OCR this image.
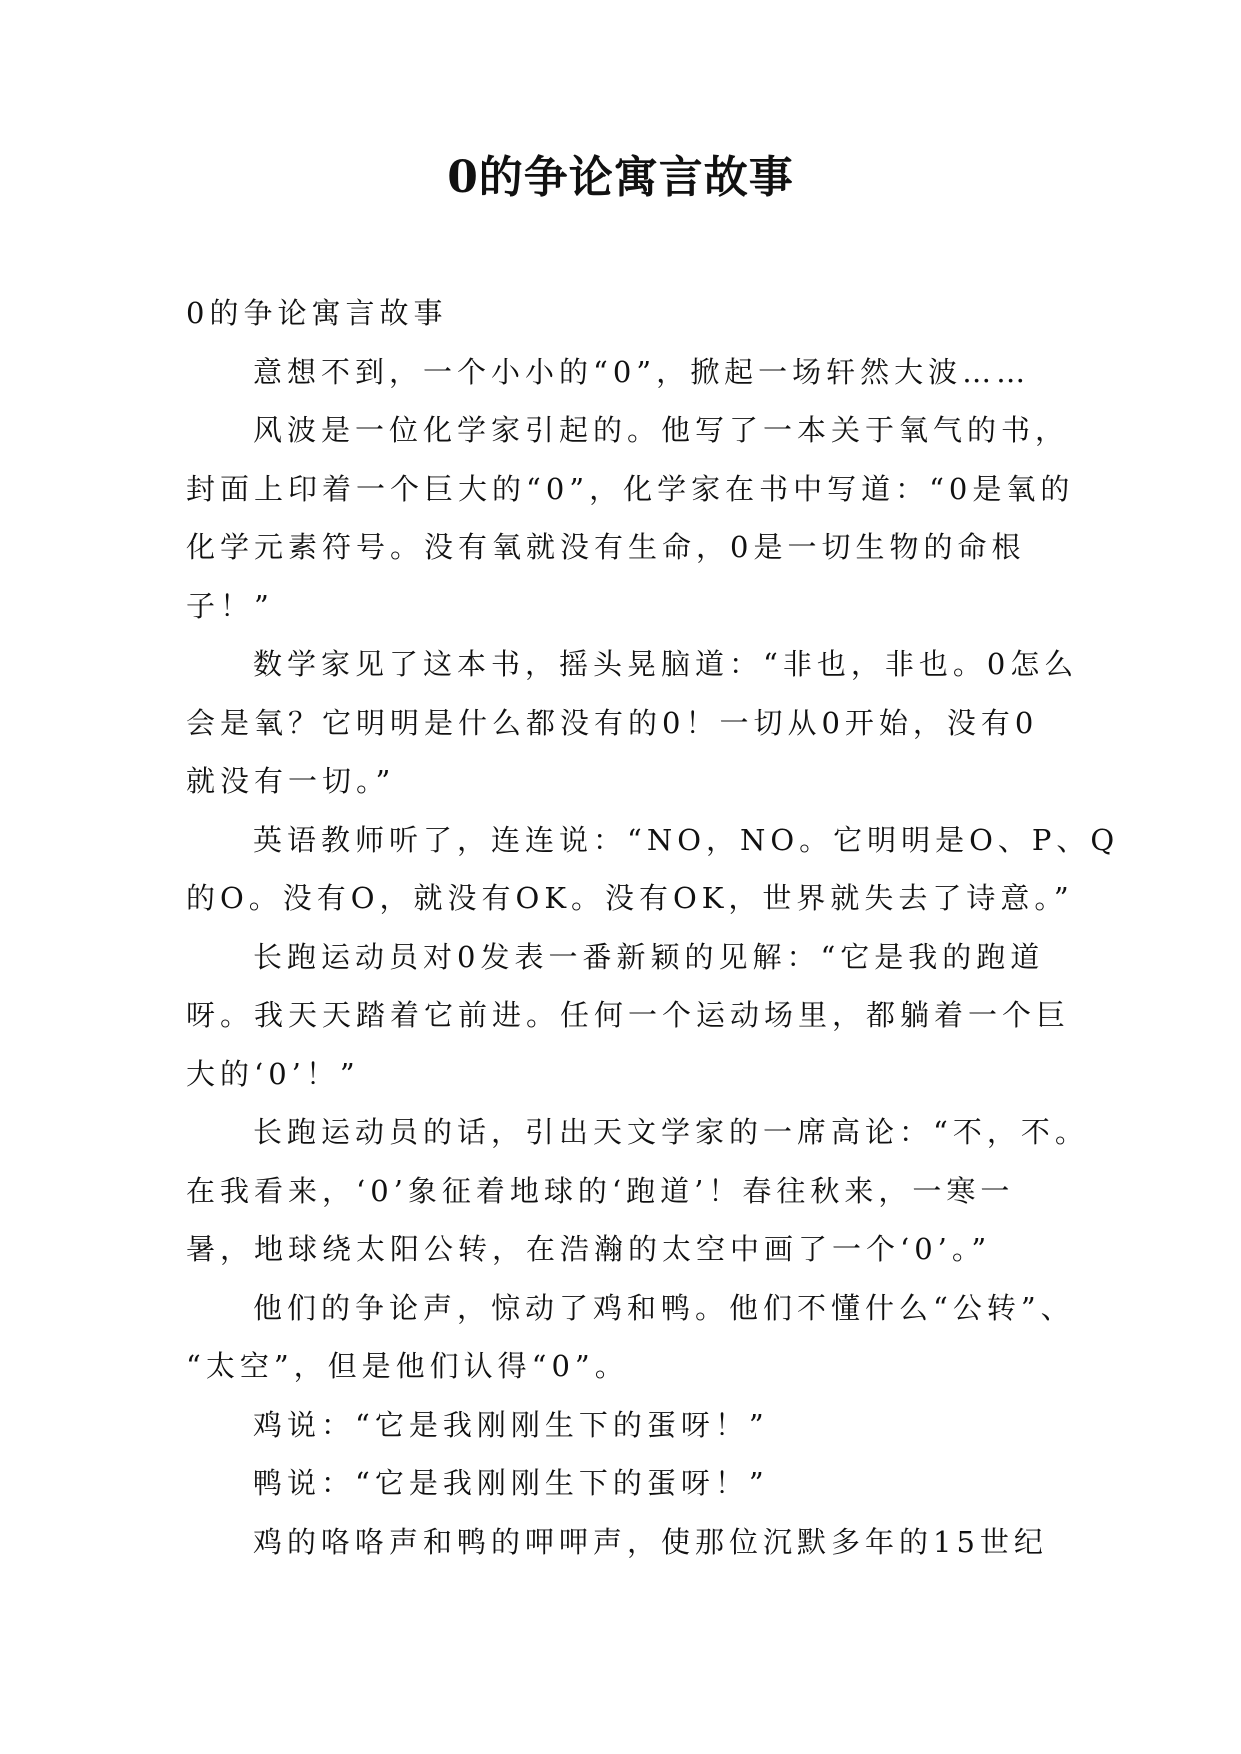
0的争论寓言故事
0的争论寓言故事
意想不到，一个小小的“0”，掀起一场轩然大波……
风波是一位化学家引起的。他写了一本关于氧气的书，
封面上印着一个巨大的“0”，化学家在书中写道：“0是氧的
化学元素符号。没有氧就没有生命，0是一切生物的命根
子！”
数学家见了这本书，摇头晃脑道：“非也，非也。0怎么
会是氧？它明明是什么都没有的0！一切从0开始，没有0
就没有一切。”
英语教师听了，连连说：“NO，NO。它明明是O、P、Q
的O。没有O，就没有OK。没有OK，世界就失去了诗意。”
长跑运动员对0发表一番新颖的见解：“它是我的跑道
呀。我天天踏着它前进。任何一个运动场里，都躺着一个巨
大的‘0’！”
长跑运动员的话，引出天文学家的一席高论：“不，不。
在我看来，‘0’象征着地球的‘跑道’！春往秋来，一寒一
暑，地球绕太阳公转，在浩瀚的太空中画了一个‘0’。”
他们的争论声，惊动了鸡和鸭。他们不懂什么“公转”、
“太空”，但是他们认得“0”。
鸡说：“它是我刚刚生下的蛋呀！”
鸭说：“它是我刚刚生下的蛋呀！”
鸡的咯咯声和鸭的呷呷声，使那位沉默多年的15世纪
